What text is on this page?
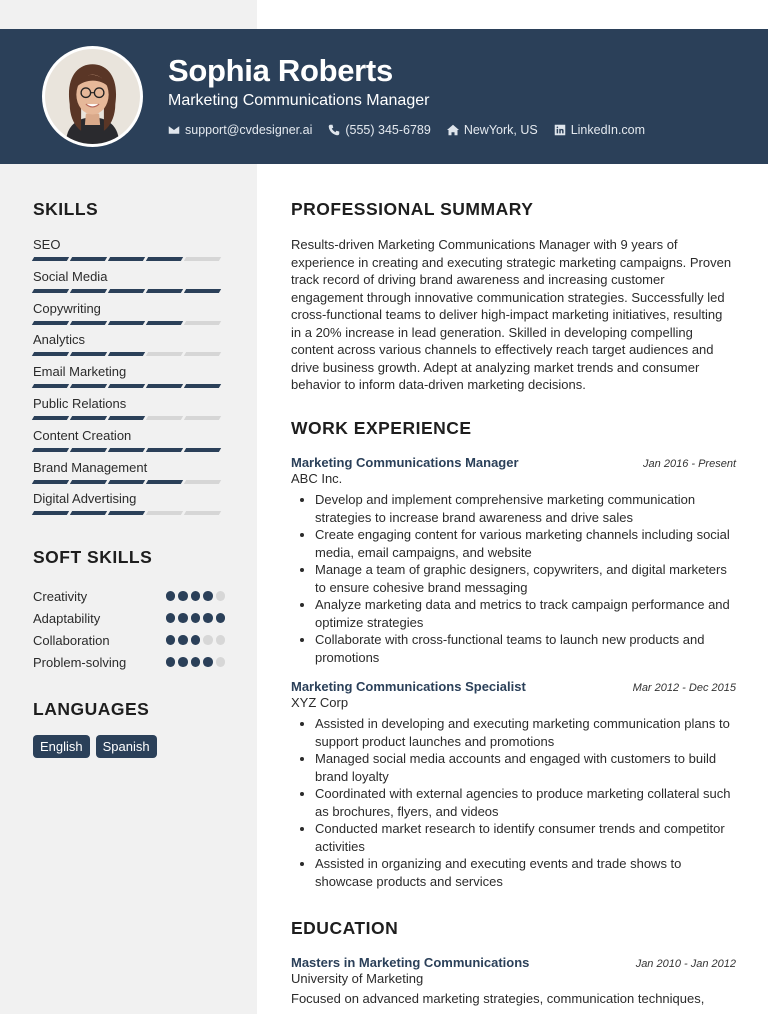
Sophia Roberts
Marketing Communications Manager
support@cvdesigner.ai	(555) 345-6789	NewYork, US	LinkedIn.com
SKILLS
SEO
Social Media
Copywriting
Analytics
Email Marketing
Public Relations
Content Creation
Brand Management
Digital Advertising
SOFT SKILLS
Creativity
Adaptability
Collaboration
Problem-solving
LANGUAGES
English	Spanish
PROFESSIONAL SUMMARY
Results-driven Marketing Communications Manager with 9 years of experience in creating and executing strategic marketing campaigns. Proven track record of driving brand awareness and increasing customer engagement through innovative communication strategies. Successfully led cross-functional teams to deliver high-impact marketing initiatives, resulting in a 20% increase in lead generation. Skilled in developing compelling content across various channels to effectively reach target audiences and drive business growth. Adept at analyzing market trends and consumer behavior to inform data-driven marketing decisions.
WORK EXPERIENCE
Marketing Communications Manager	Jan 2016 - Present
ABC Inc.
• Develop and implement comprehensive marketing communication strategies to increase brand awareness and drive sales
• Create engaging content for various marketing channels including social media, email campaigns, and website
• Manage a team of graphic designers, copywriters, and digital marketers to ensure cohesive brand messaging
• Analyze marketing data and metrics to track campaign performance and optimize strategies
• Collaborate with cross-functional teams to launch new products and promotions
Marketing Communications Specialist	Mar 2012 - Dec 2015
XYZ Corp
• Assisted in developing and executing marketing communication plans to support product launches and promotions
• Managed social media accounts and engaged with customers to build brand loyalty
• Coordinated with external agencies to produce marketing collateral such as brochures, flyers, and videos
• Conducted market research to identify consumer trends and competitor activities
• Assisted in organizing and executing events and trade shows to showcase products and services
EDUCATION
Masters in Marketing Communications	Jan 2010 - Jan 2012
University of Marketing
Focused on advanced marketing strategies, communication techniques,
